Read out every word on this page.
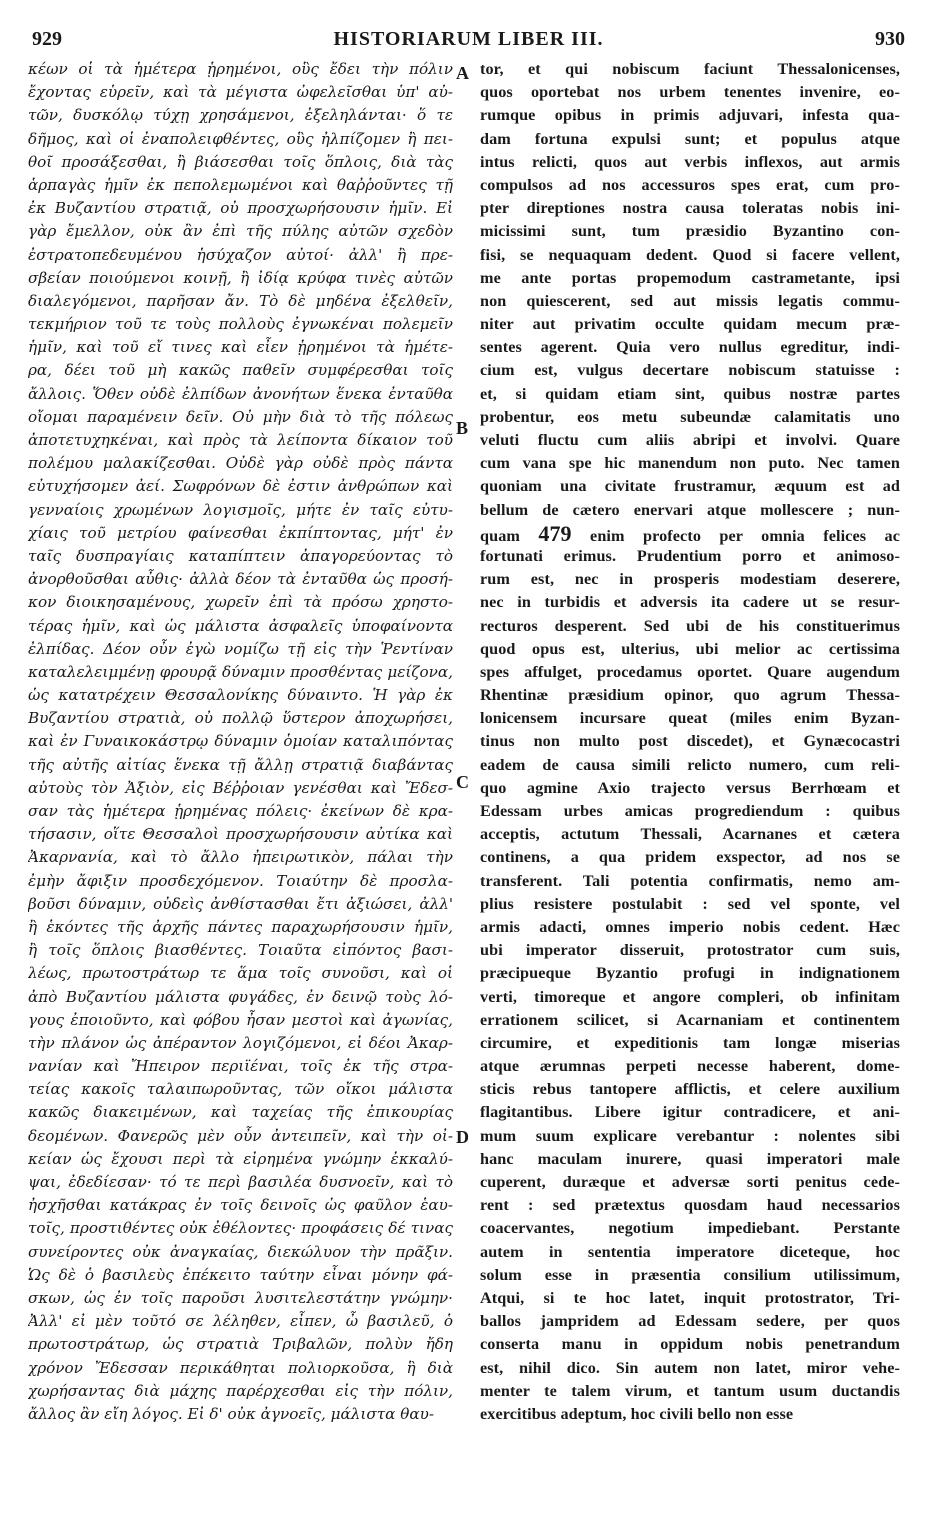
929	HISTORIARUM LIBER III.	930
κέων οἱ τὰ ἡμέτερα ᾑρημένοι, οὓς ἔδει τὴν πόλιν
ἔχοντας εὑρεῖν, καὶ τὰ μέγιστα ὠφελεῖσθαι ὑπ' αὐ-
τῶν, δυσκόλῳ τύχῃ χρησάμενοι, ἐξεληλάνται· ὅ τε
δῆμος, καὶ οἱ ἐναπολειφθέντες, οὓς ἠλπίζομεν ἢ πει-
θοῖ προσάξεσθαι, ἢ βιάσεσθαι τοῖς ὅπλοις, διὰ τὰς
ἁρπαγὰς ἡμῖν ἐκ πεπολεμωμένοι καὶ θαῤῥοῦντες τῇ
ἐκ Βυζαντίου στρατιᾷ, οὐ προσχωρήσουσιν ἡμῖν. Εἰ
γὰρ ἔμελλον, οὐκ ἂν ἐπὶ τῆς πύλης αὐτῶν σχεδὸν
ἐστρατοπεδευμένου ἡσύχαζον αὐτοί· ἀλλ' ἢ πρε-
σβείαν ποιούμενοι κοινῇ, ἢ ἰδίᾳ κρύφα τινὲς αὐτῶν
διαλεγόμενοι, παρῆσαν ἄν. Τὸ δὲ μηδένα ἐξελθεῖν,
τεκμήριον τοῦ τε τοὺς πολλοὺς ἐγνωκέναι πολεμεῖν
ἡμῖν, καὶ τοῦ εἴ τινες καὶ εἶεν ᾑρημένοι τὰ ἡμέτε-
ρα, δέει τοῦ μὴ κακῶς παθεῖν συμφέρεσθαι τοῖς
ἄλλοις. Ὅθεν οὐδὲ ἐλπίδων ἀνονήτων ἕνεκα ἐνταῦθα
οἴομαι παραμένειν δεῖν. Οὐ μὴν διὰ τὸ τῆς πόλεως
ἀποτετυχηκέναι, καὶ πρὸς τὰ λείποντα δίκαιον τοῦ
πολέμου μαλακίζεσθαι. Οὐδὲ γὰρ οὐδὲ πρὸς πάντα
εὐτυχήσομεν ἀεί. Σωφρόνων δὲ ἐστιν ἀνθρώπων καὶ
γενναίοις χρωμένων λογισμοῖς, μήτε ἐν ταῖς εὐτυ-
χίαις τοῦ μετρίου φαίνεσθαι ἐκπίπτοντας, μήτ' ἐν
ταῖς δυσπραγίαις καταπίπτειν ἀπαγορεύοντας τὸ
ἀνορθοῦσθαι αὖθις· ἀλλὰ δέον τὰ ἐνταῦθα ὡς προσή-
κον διοικησαμένους, χωρεῖν ἐπὶ τὰ πρόσω χρηστο-
τέρας ἡμῖν, καὶ ὡς μάλιστα ἀσφαλεῖς ὑποφαίνοντα
ἐλπίδας. Δέον οὖν ἐγὼ νομίζω τῇ εἰς τὴν Ῥεντίναν
καταλελειμμένῃ φρουρᾷ δύναμιν προσθέντας μείζονα,
ὡς κατατρέχειν Θεσσαλονίκης δύναιντο. Ἡ γὰρ ἐκ
Βυζαντίου στρατιὰ, οὐ πολλῷ ὕστερον ἀποχωρήσει,
καὶ ἐν Γυναικοκάστρῳ δύναμιν ὁμοίαν καταλιπόντας
τῆς αὐτῆς αἰτίας ἕνεκα τῇ ἄλλῃ στρατιᾷ διαβάντας
αὐτοὺς τὸν Ἀξιὸν, εἰς Βέῤῥοιαν γενέσθαι καὶ Ἔδεσ-
σαν τὰς ἡμέτερα ᾑρημένας πόλεις· ἐκείνων δὲ κρα-
τήσασιν, οἵτε Θεσσαλοὶ προσχωρήσουσιν αὐτίκα καὶ
Ἀκαρνανία, καὶ τὸ ἄλλο ἠπειρωτικὸν, πάλαι τὴν
ἐμὴν ἄφιξιν προσδεχόμενον. Τοιαύτην δὲ προσλα-
βοῦσι δύναμιν, οὐδεὶς ἀνθίστασθαι ἔτι ἀξιώσει, ἀλλ'
ἢ ἑκόντες τῆς ἀρχῆς πάντες παραχωρήσουσιν ἡμῖν,
ἢ τοῖς ὅπλοις βιασθέντες. Τοιαῦτα εἰπόντος βασι-
λέως, πρωτοστράτωρ τε ἅμα τοῖς συνοῦσι, καὶ οἱ
ἀπὸ Βυζαντίου μάλιστα φυγάδες, ἐν δεινῷ τοὺς λό-
γους ἐποιοῦντο, καὶ φόβου ἦσαν μεστοὶ καὶ ἀγωνίας,
τὴν πλάνον ὡς ἀπέραντον λογιζόμενοι, εἰ δέοι Ἀκαρ-
νανίαν καὶ Ἤπειρον περιϊέναι, τοῖς ἐκ τῆς στρα-
τείας κακοῖς ταλαιπωροῦντας, τῶν οἴκοι μάλιστα
κακῶς διακειμένων, καὶ ταχείας τῆς ἐπικουρίας
δεομένων. Φανερῶς μὲν οὖν ἀντειπεῖν, καὶ τὴν οἰ-
κείαν ὡς ἔχουσι περὶ τὰ εἰρημένα γνώμην ἐκκαλύ-
ψαι, ἐδεδίεσαν· τό τε περὶ βασιλέα δυσνοεῖν, καὶ τὸ
ἠσχῆσθαι κατάκρας ἐν τοῖς δεινοῖς ὡς φαῦλον ἑαυ-
τοῖς, προστιθέντες οὐκ ἐθέλοντες· προφάσεις δέ τινας
συνείροντες οὐκ ἀναγκαίας, διεκώλυον τὴν πρᾶξιν.
Ὡς δὲ ὁ βασιλεὺς ἐπέκειτο ταύτην εἶναι μόνην φά-
σκων, ὡς ἐν τοῖς παροῦσι λυσιτελεστάτην γνώμην·
Ἀλλ' εἰ μὲν τοῦτό σε λέληθεν, εἶπεν, ὦ βασιλεῦ, ὁ
πρωτοστράτωρ, ὡς στρατιὰ Τριβαλῶν, πολὺν ἤδη
χρόνον Ἔδεσσαν περικάθηται πολιορκοῦσα, ἣ διὰ
χωρήσαντας διὰ μάχης παρέρχεσθαι εἰς τὴν πόλιν,
ἄλλος ἂν εἴη λόγος. Εἰ δ' οὐκ ἀγνοεῖς, μάλιστα θαυ-
A
B
C
D
tor, et qui nobiscum faciunt Thessalonicenses,
quos oportebat nos urbem tenentes invenire, eo-
rumque opibus in primis adjuvari, infesta qua-
dam fortuna expulsi sunt; et populus atque
intus relicti, quos aut verbis inflexos, aut armis
compulsos ad nos accessuros spes erat, cum pro-
pter direptiones nostra causa toleratas nobis ini-
micissimi sunt, tum præsidio Byzantino con-
fisi, se nequaquam dedent. Quod si facere vellent,
me ante portas propemodum castrametante, ipsi
non quiescerent, sed aut missis legatis commu-
niter aut privatim occulte quidam mecum præ-
sentes agerent. Quia vero nullus egreditur, indi-
cium est, vulgus decertare nobiscum statuisse :
et, si quidam etiam sint, quibus nostræ partes
probentur, eos metu subeundæ calamitatis uno
veluti fluctu cum aliis abripi et involvi. Quare
cum vana spe hic manendum non puto. Nec tamen
quoniam una civitate frustramur, æquum est ad
bellum de cætero enervari atque mollescere ; nun-
quam 479 enim profecto per omnia felices ac
fortunati erimus. Prudentium porro et animoso-
rum est, nec in prosperis modestiam deserere,
nec in turbidis et adversis ita cadere ut se resur-
recturos desperent. Sed ubi de his constituerimus
quod opus est, ulterius, ubi melior ac certissima
spes affulget, procedamus oportet. Quare augendum
Rhentinæ præsidium opinor, quo agrum Thessa-
lonicensem incursare queat (miles enim Byzan-
tinus non multo post discedet), et Gynæcocastri
eadem de causa simili relicto numero, cum reli-
quo agmine Axio trajecto versus Berrhœam et
Edessam urbes amicas progrediendum : quibus
acceptis, actutum Thessali, Acarnanes et cætera
continens, a qua pridem exspector, ad nos se
transferent. Tali potentia confirmatis, nemo am-
plius resistere postulabit : sed vel sponte, vel
armis adacti, omnes imperio nobis cedent. Hæc
ubi imperator disseruit, protostrator cum suis,
præcipueque Byzantio profugi in indignationem
verti, timoreque et angore compleri, ob infinitam
errationem scilicet, si Acarnaniam et continentem
circumire, et expeditionis tam longæ miserias
atque ærumnas perpeti necesse haberent, dome-
sticis rebus tantopere afflictis, et celere auxilium
flagitantibus. Libere igitur contradicere, et ani-
mum suum explicare verebantur : nolentes sibi
hanc maculam inurere, quasi imperatori male
cuperent, duræque et adversæ sorti penitus cede-
rent : sed prætextus quosdam haud necessarios
coacervantes, negotium impediebant. Perstante
autem in sententia imperatore diceteque, hoc
solum esse in præsentia consilium utilissimum,
Atqui, si te hoc latet, inquit protostrator, Tri-
ballos jampridem ad Edessam sedere, per quos
conserta manu in oppidum nobis penetrandum
est, nihil dico. Sin autem non latet, miror vehe-
menter te talem virum, et tantum usum ductandis
exercitibus adeptum, hoc civili bello non esse
